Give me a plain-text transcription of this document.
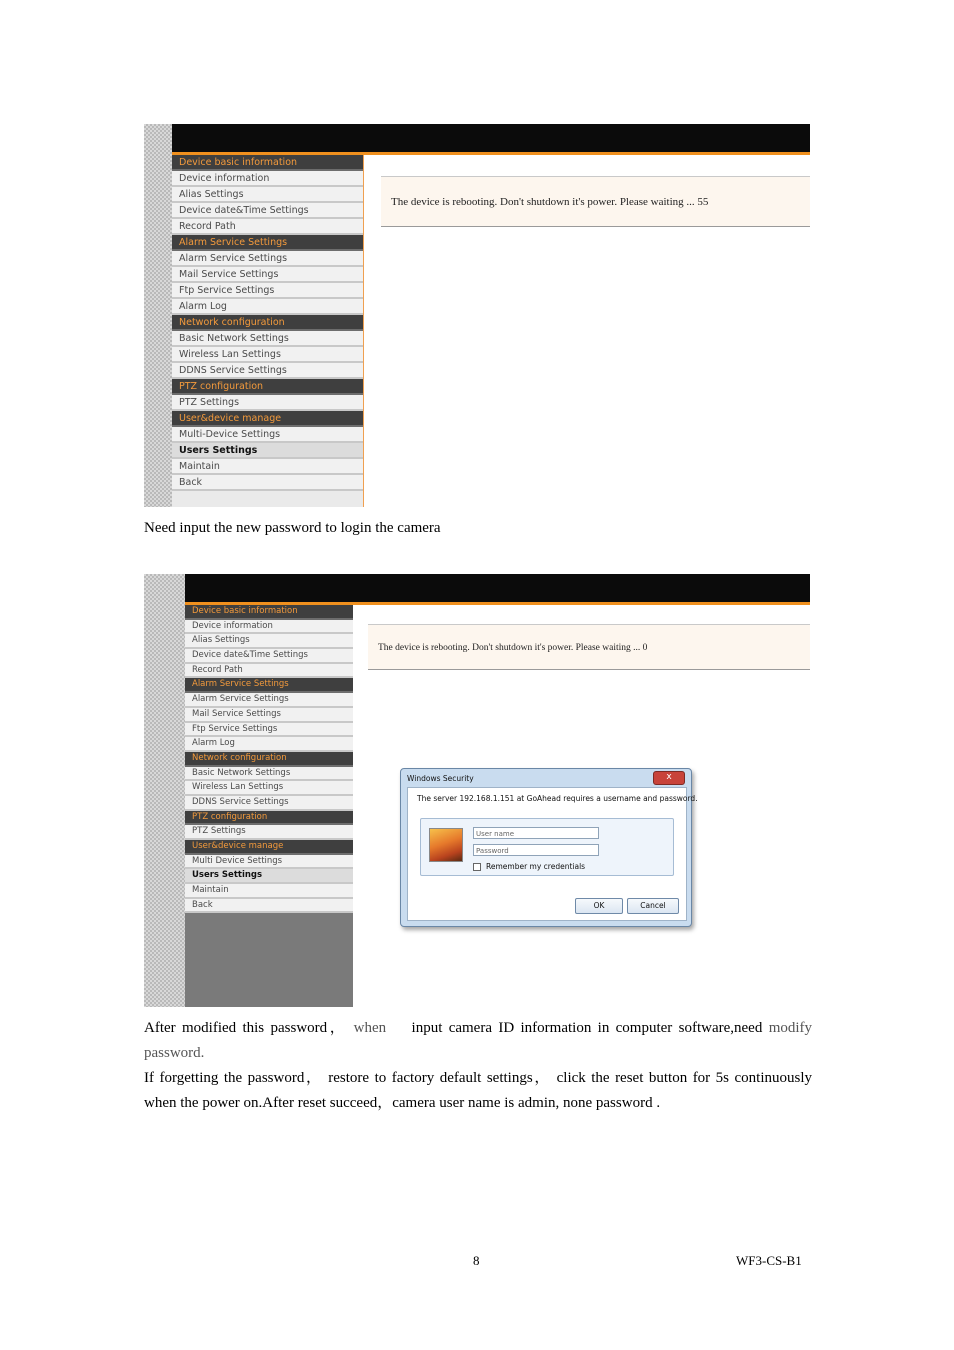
Device basic information
Device information
Alias Settings
Device date&Time Settings
Record Path
Alarm Service Settings
Alarm Service Settings
Mail Service Settings
Ftp Service Settings
Alarm Log
Network configuration
Basic Network Settings
Wireless Lan Settings
DDNS Service Settings
PTZ configuration
PTZ Settings
User&device manage
Multi-Device Settings
Users Settings
Maintain
Back
The device is rebooting. Don't shutdown it's power. Please waiting ... 55
Need input the new password to login the camera
Device basic information
Device information
Alias Settings
Device date&Time Settings
Record Path
Alarm Service Settings
Alarm Service Settings
Mail Service Settings
Ftp Service Settings
Alarm Log
Network configuration
Basic Network Settings
Wireless Lan Settings
DDNS Service Settings
PTZ configuration
PTZ Settings
User&device manage
Multi Device Settings
Users Settings
Maintain
Back
The device is rebooting. Don't shutdown it's power. Please waiting ... 0
Windows Security	x
The server 192.168.1.151 at GoAhead requires a username and password.
User name
Password
Remember my credentials
OK	Cancel
After modified this password， when input camera ID information in computer software,need modify password.
If forgetting the password， restore to factory default settings， click the reset button for 5s continuously when the power on.After reset succeed，camera user name is admin, none password .
8	WF3-CS-B1
